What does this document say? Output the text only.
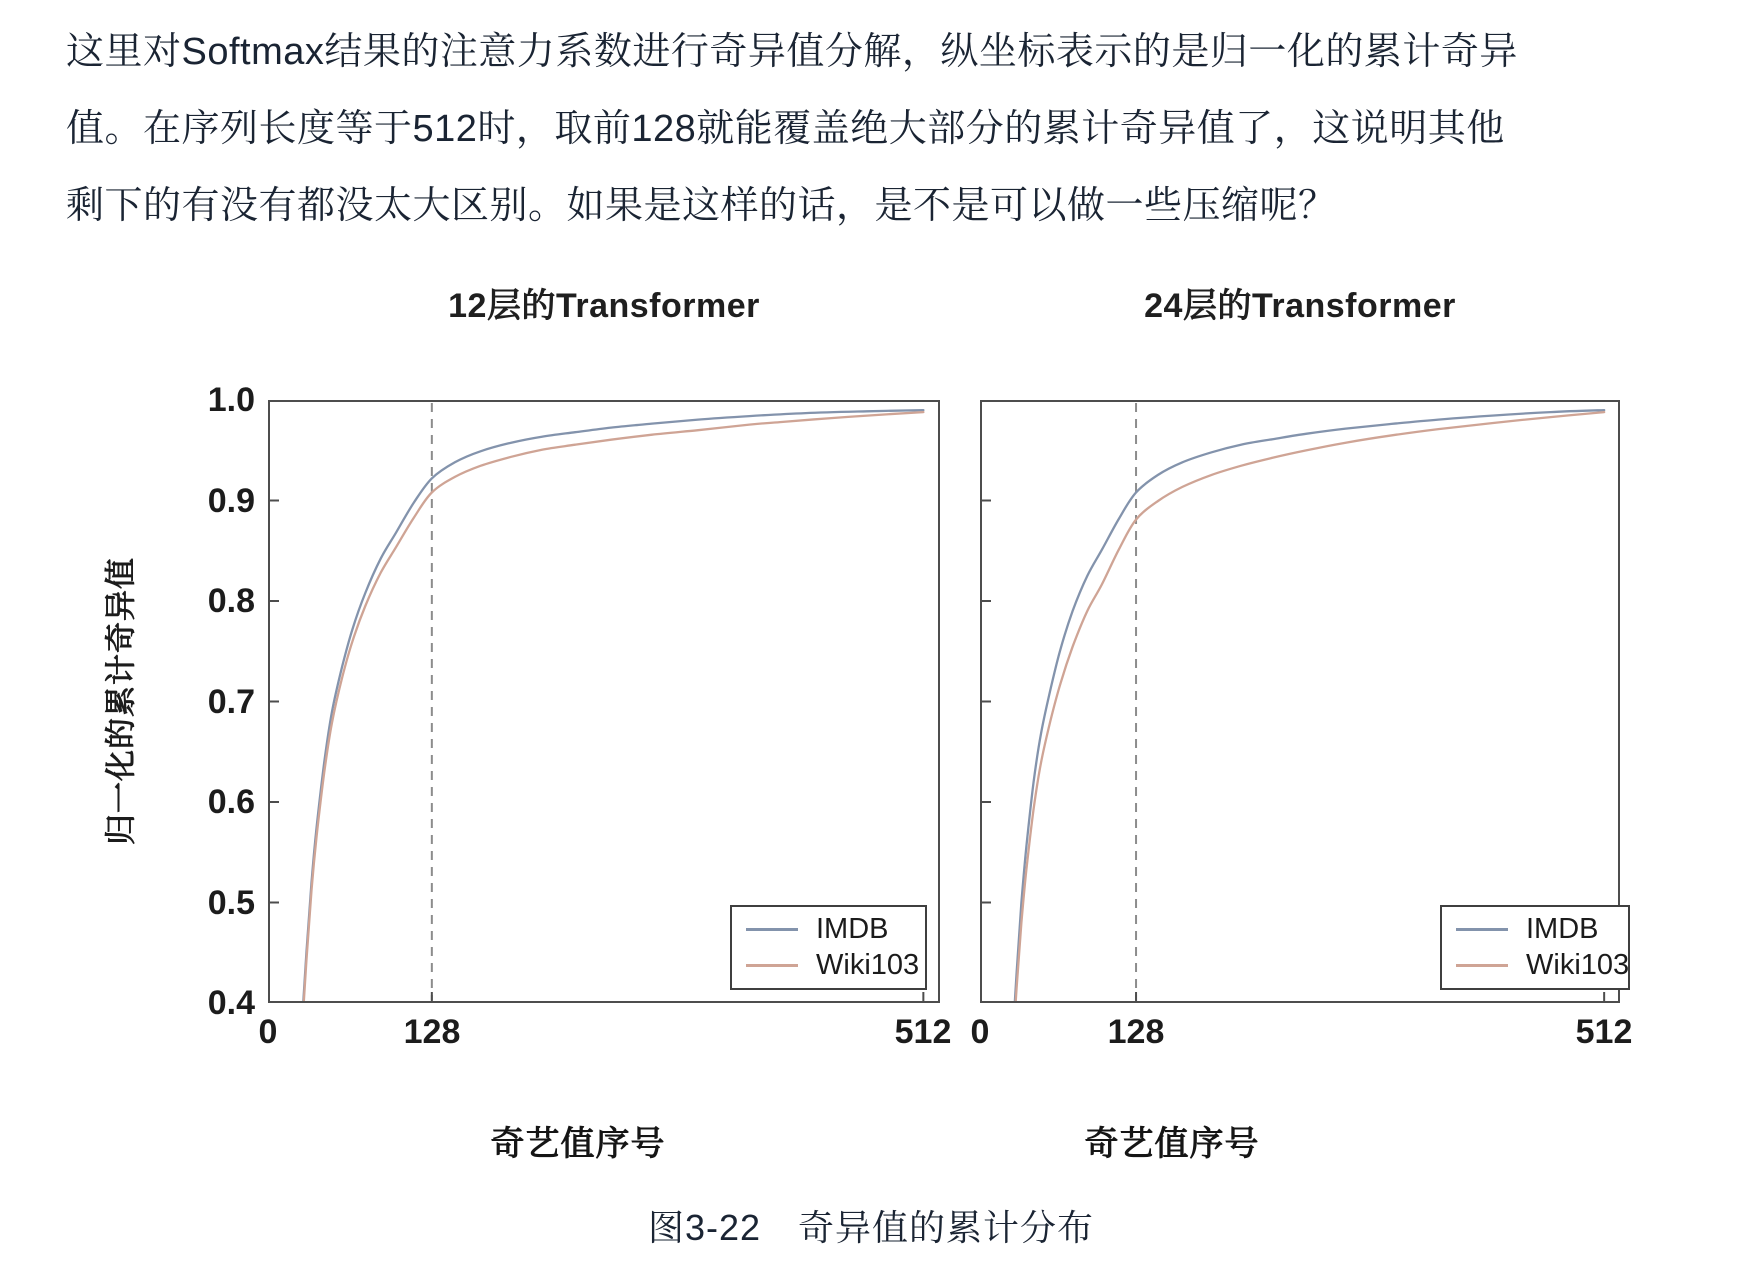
这里对Softmax结果的注意力系数进行奇异值分解，纵坐标表示的是归一化的累计奇异
值。在序列长度等于512时，取前128就能覆盖绝大部分的累计奇异值了，这说明其他
剩下的有没有都没太大区别。如果是这样的话，是不是可以做一些压缩呢？
12层的Transformer	24层的Transformer
归一化的累计奇异值
1.0
0.9
0.8
0.7
0.6
0.5
0.4
0	128	512 0	128	512
IMDB
Wiki103
IMDB
Wiki103
奇艺值序号	奇艺值序号
图3-22　奇异值的累计分布
